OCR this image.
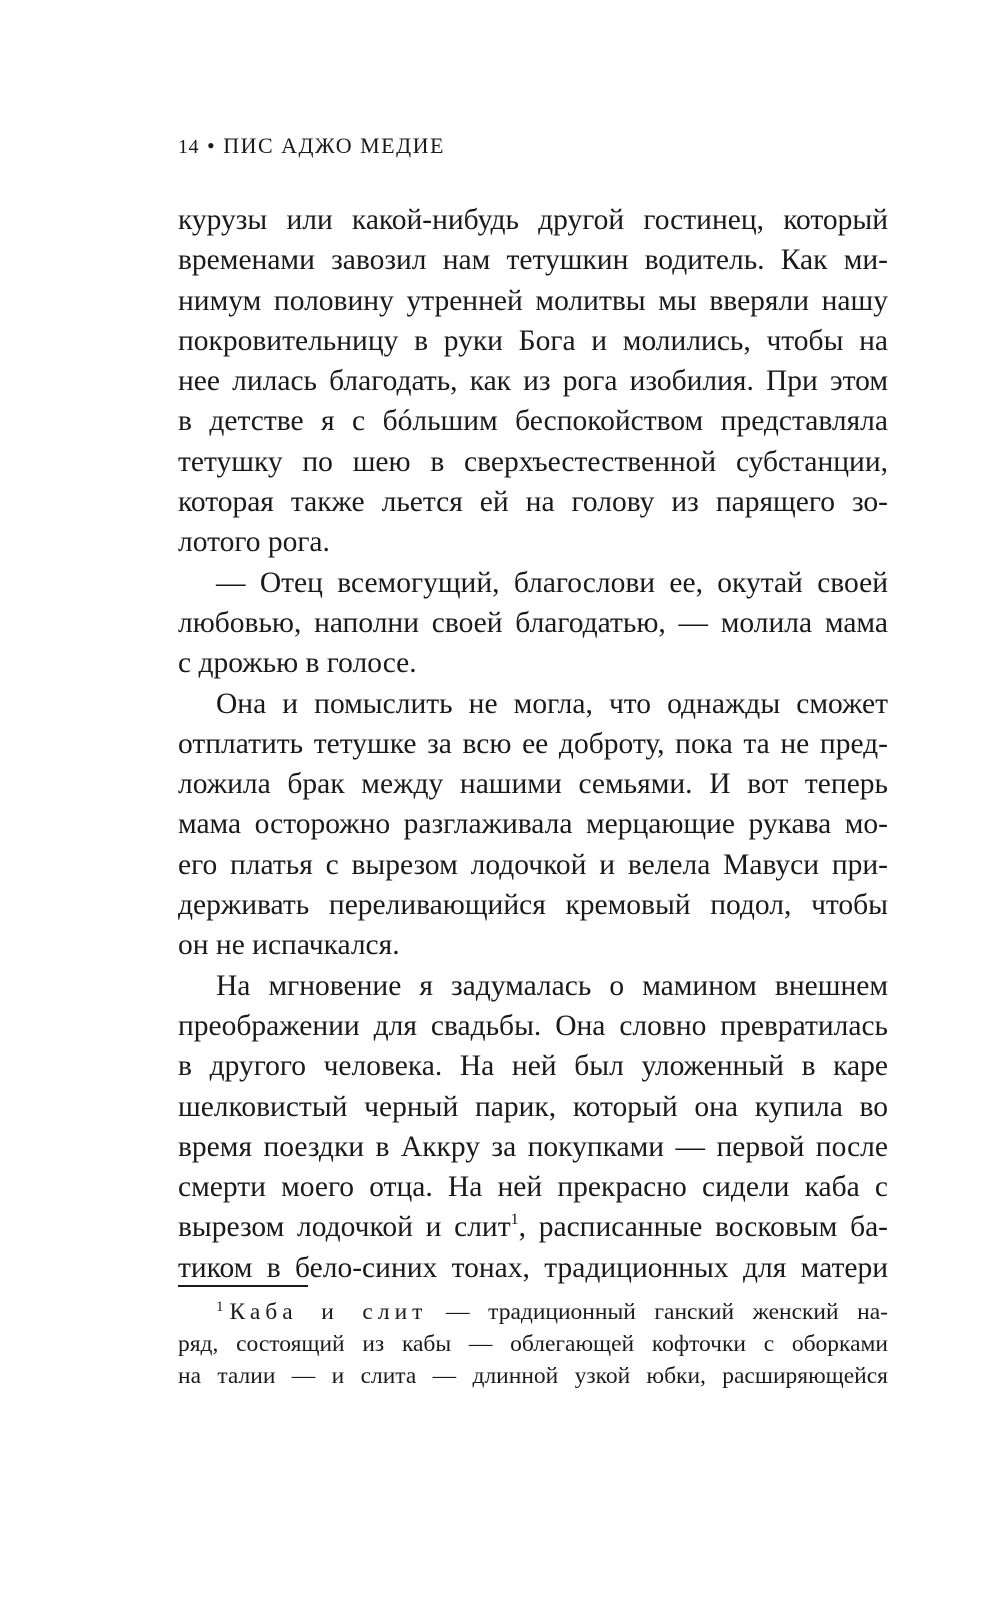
14 • ПИС АДЖО МЕДИЕ
курузы или какой-нибудь другой гостинец, который
временами завозил нам тетушкин водитель. Как ми-
нимум половину утренней молитвы мы вверяли нашу
покровительницу в руки Бога и молились, чтобы на
нее лилась благодать, как из рога изобилия. При этом
в детстве я с бóльшим беспокойством представляла
тетушку по шею в сверхъестественной субстанции,
которая также льется ей на голову из парящего зо-
лотого рога.
— Отец всемогущий, благослови ее, окутай своей
любовью, наполни своей благодатью, — молила мама
с дрожью в голосе.
Она и помыслить не могла, что однажды сможет
отплатить тетушке за всю ее доброту, пока та не пред-
ложила брак между нашими семьями. И вот теперь
мама осторожно разглаживала мерцающие рукава мо-
его платья с вырезом лодочкой и велела Мавуси при-
держивать переливающийся кремовый подол, чтобы
он не испачкался.
На мгновение я задумалась о мамином внешнем
преображении для свадьбы. Она словно превратилась
в другого человека. На ней был уложенный в каре
шелковистый черный парик, который она купила во
время поездки в Аккру за покупками — первой после
смерти моего отца. На ней прекрасно сидели каба с
вырезом лодочкой и слит$^1$, расписанные восковым ба-
тиком в бело-синих тонах, традиционных для матери
$^1$ Каба и слит — традиционный ганский женский на-
ряд, состоящий из кабы — облегающей кофточки с оборками
на талии — и слита — длинной узкой юбки, расширяющейся
